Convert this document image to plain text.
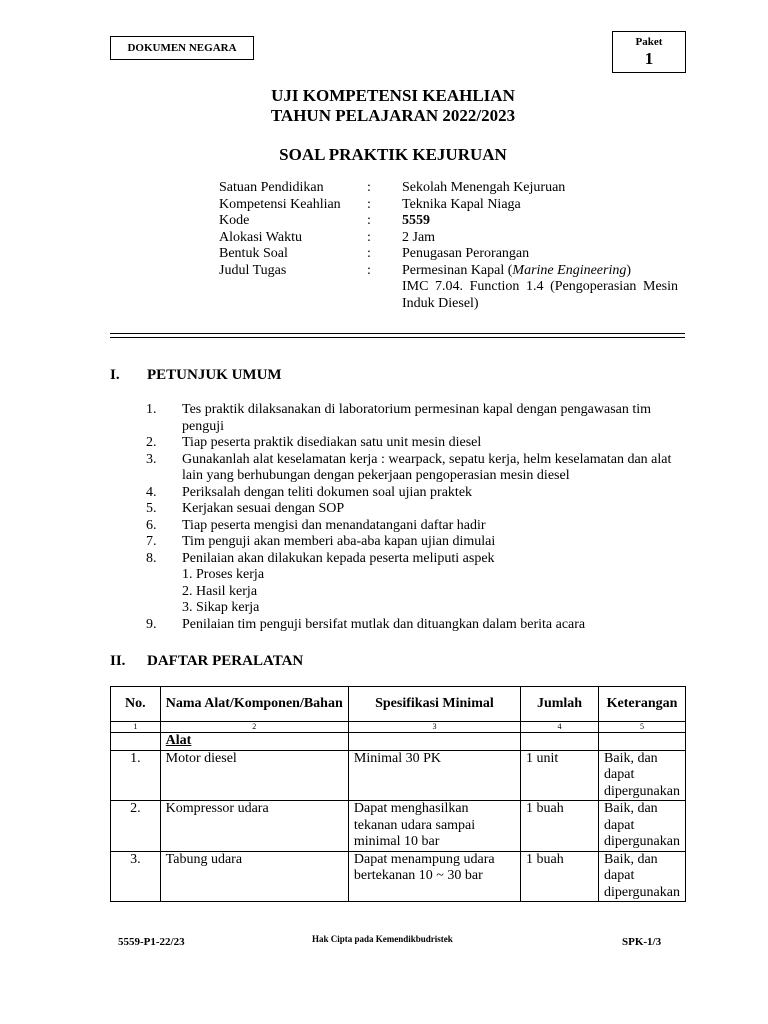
DOKUMEN NEGARA	Paket
1
UJI KOMPETENSI KEAHLIAN
TAHUN PELAJARAN 2022/2023
SOAL PRAKTIK KEJURUAN
Satuan Pendidikan	:	Sekolah Menengah Kejuruan
Kompetensi Keahlian	:	Teknika Kapal Niaga
Kode	:	5559
Alokasi Waktu	:	2 Jam
Bentuk Soal	:	Penugasan Perorangan
Judul Tugas	:	Permesinan Kapal (Marine Engineering)
IMC 7.04. Function 1.4 (Pengoperasian Mesin Induk Diesel)
I.	PETUNJUK UMUM
1.	Tes praktik dilaksanakan di laboratorium permesinan kapal dengan pengawasan tim penguji
2.	Tiap peserta praktik disediakan satu unit mesin diesel
3.	Gunakanlah alat keselamatan kerja : wearpack, sepatu kerja, helm keselamatan dan alat lain yang berhubungan dengan pekerjaan pengoperasian mesin diesel
4.	Periksalah dengan teliti dokumen soal ujian praktek
5.	Kerjakan sesuai dengan SOP
6.	Tiap peserta mengisi dan menandatangani daftar hadir
7.	Tim penguji akan memberi aba-aba kapan ujian dimulai
8.	Penilaian akan dilakukan kepada peserta meliputi aspek
1. Proses kerja
2. Hasil kerja
3. Sikap kerja
9.	Penilaian tim penguji bersifat mutlak dan dituangkan dalam berita acara
II.	DAFTAR PERALATAN
No.	Nama Alat/Komponen/Bahan	Spesifikasi Minimal	Jumlah	Keterangan
1	2	3	4	5
	Alat			
1.	Motor diesel	Minimal 30 PK	1 unit	Baik, dan dapat dipergunakan
2.	Kompressor udara	Dapat menghasilkan tekanan udara sampai minimal 10 bar	1 buah	Baik, dan dapat dipergunakan
3.	Tabung udara	Dapat menampung udara bertekanan 10 ~ 30 bar	1 buah	Baik, dan dapat dipergunakan
5559-P1-22/23	Hak Cipta pada Kemendikbudristek	SPK-1/3
